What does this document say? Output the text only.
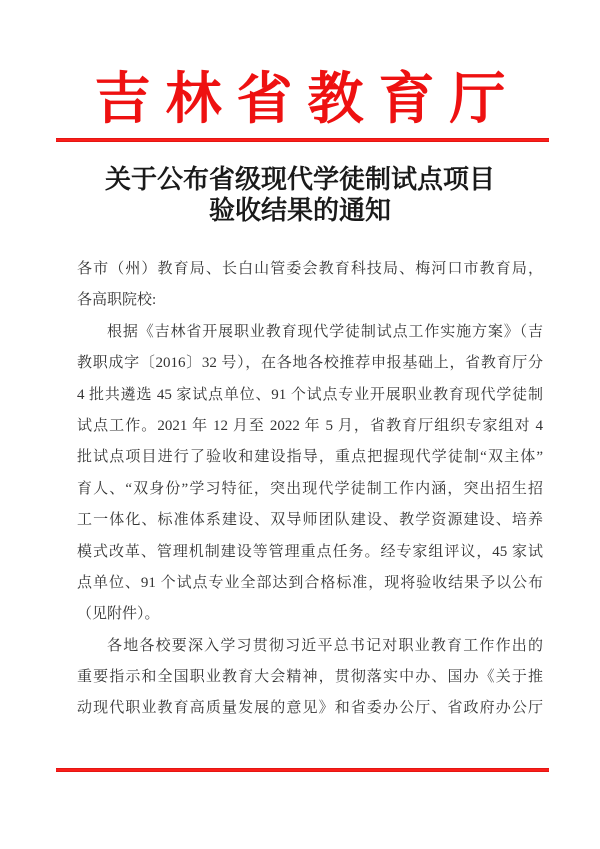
吉林省教育厅
关于公布省级现代学徒制试点项目
验收结果的通知

各市（州）教育局、长白山管委会教育科技局、梅河口市教育局，

各高职院校:

根据《吉林省开展职业教育现代学徒制试点工作实施方案》（吉

教职成字〔2016〕32 号），在各地各校推荐申报基础上，省教育厅分

4 批共遴选 45 家试点单位、91 个试点专业开展职业教育现代学徒制

试点工作。2021 年 12 月至 2022 年 5 月，省教育厅组织专家组对 4

批试点项目进行了验收和建设指导，重点把握现代学徒制“双主体”

育人、“双身份”学习特征，突出现代学徒制工作内涵，突出招生招

工一体化、标准体系建设、双导师团队建设、教学资源建设、培养

模式改革、管理机制建设等管理重点任务。经专家组评议，45 家试

点单位、91 个试点专业全部达到合格标准，现将验收结果予以公布

（见附件）。

各地各校要深入学习贯彻习近平总书记对职业教育工作作出的

重要指示和全国职业教育大会精神，贯彻落实中办、国办《关于推

动现代职业教育高质量发展的意见》和省委办公厅、省政府办公厅
